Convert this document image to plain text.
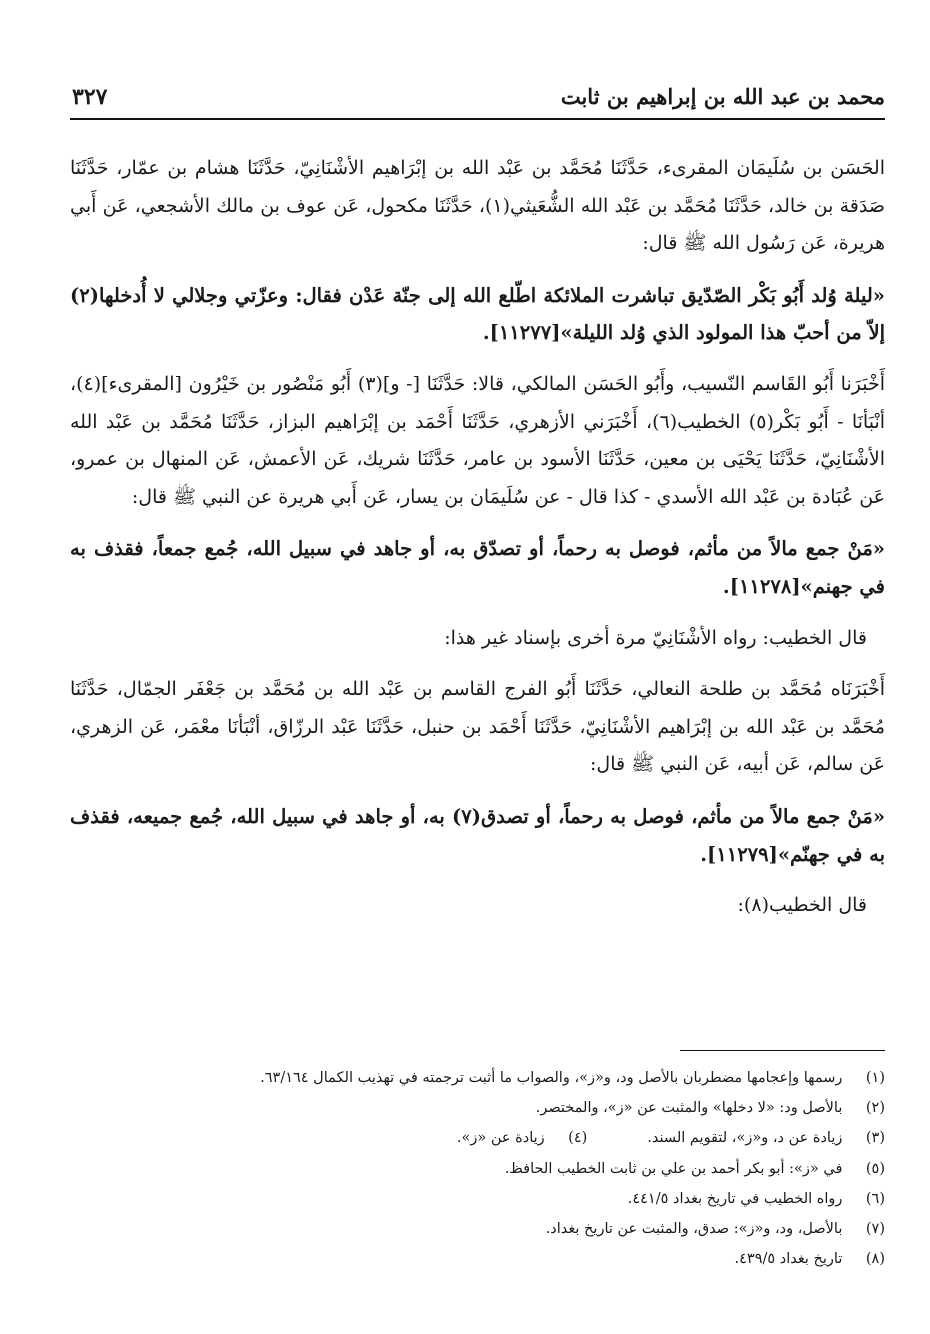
محمد بن عبد الله بن إبراهيم بن ثابت
٣٢٧

الحَسَن بن سُلَيمَان المقرىء، حَدَّثَنَا مُحَمَّد بن عَبْد الله بن إبْرَاهيم الأشْنَانِيّ، حَدَّثَنَا هشام بن عمّار، حَدَّثَنَا صَدَقة بن خالد، حَدَّثَنَا مُحَمَّد بن عَبْد الله الشُّعَيثي(١)، حَدَّثَنَا مكحول، عَن عوف بن مالك الأشجعي، عَن أَبي هريرة، عَن رَسُول الله ﷺ قال:

«ليلة وُلد أَبُو بَكْر الصّدّيق تباشرت الملائكة اطّلع الله إلى جنّة عَدْن فقال: وعزّتي وجلالي لا أُدخلها(٢) إلاّ من أحبّ هذا المولود الذي وُلد الليلة»[١١٢٧٧].

أَخْبَرَنا أَبُو القَاسم النّسيب، وأَبُو الحَسَن المالكي، قالا: حَدَّثَنَا [- و](٣) أَبُو مَنْصُور بن خَيْرُون [المقرىء](٤)، أنْبَأنَا - أَبُو بَكْر(٥) الخطيب(٦)، أَخْبَرَني الأزهري، حَدَّثَنَا أَحْمَد بن إبْرَاهيم البزاز، حَدَّثَنَا مُحَمَّد بن عَبْد الله الأشْنَانِيّ، حَدَّثَنَا يَحْيَى بن معين، حَدَّثَنَا الأسود بن عامر، حَدَّثَنَا شريك، عَن الأعمش، عَن المنهال بن عمرو، عَن عُبَادة بن عَبْد الله الأسدي - كذا قال - عن سُلَيمَان بن يسار، عَن أَبي هريرة عن النبي ﷺ قال:

«مَنْ جمع مالاً من مأثم، فوصل به رحماً، أو تصدّق به، أو جاهد في سبيل الله، جُمع جمعاً، فقذف به في جهنم»[١١٢٧٨].

قال الخطيب: رواه الأشْنَانِيّ مرة أخرى بإسناد غير هذا:

أَخْبَرَنَاه مُحَمَّد بن طلحة النعالي، حَدَّثَنَا أَبُو الفرج القاسم بن عَبْد الله بن مُحَمَّد بن جَعْفَر الجمّال، حَدَّثَنَا مُحَمَّد بن عَبْد الله بن إبْرَاهيم الأشْنَانِيّ، حَدَّثَنَا أَحْمَد بن حنبل، حَدَّثَنَا عَبْد الرزّاق، أنْبَأنَا معْمَر، عَن الزهري، عَن سالم، عَن أبيه، عَن النبي ﷺ قال:

«مَنْ جمع مالاً من مأثم، فوصل به رحماً، أو تصدق(٧) به، أو جاهد في سبيل الله، جُمع جميعه، فقذف به في جهنّم»[١١٢٧٩].

قال الخطيب(٨):

(١) رسمها وإعجامها مضطربان بالأصل ود، و«ز»، والصواب ما أثبت ترجمته في تهذيب الكمال ٦٣/١٦٤.
(٢) بالأصل ود: «لا دخلها» والمثبت عن «ز»، والمختصر.
(٣) زيادة عن د، و«ز»، لتقويم السند.
(٤) زيادة عن «ز».
(٥) في «ز»: أبو بكر أحمد بن علي بن ثابت الخطيب الحافظ.
(٦) رواه الخطيب في تاريخ بغداد ٤٤١/٥.
(٧) بالأصل، ود، و«ز»: صدق، والمثبت عن تاريخ بغداد.
(٨) تاريخ بغداد ٤٣٩/٥.
